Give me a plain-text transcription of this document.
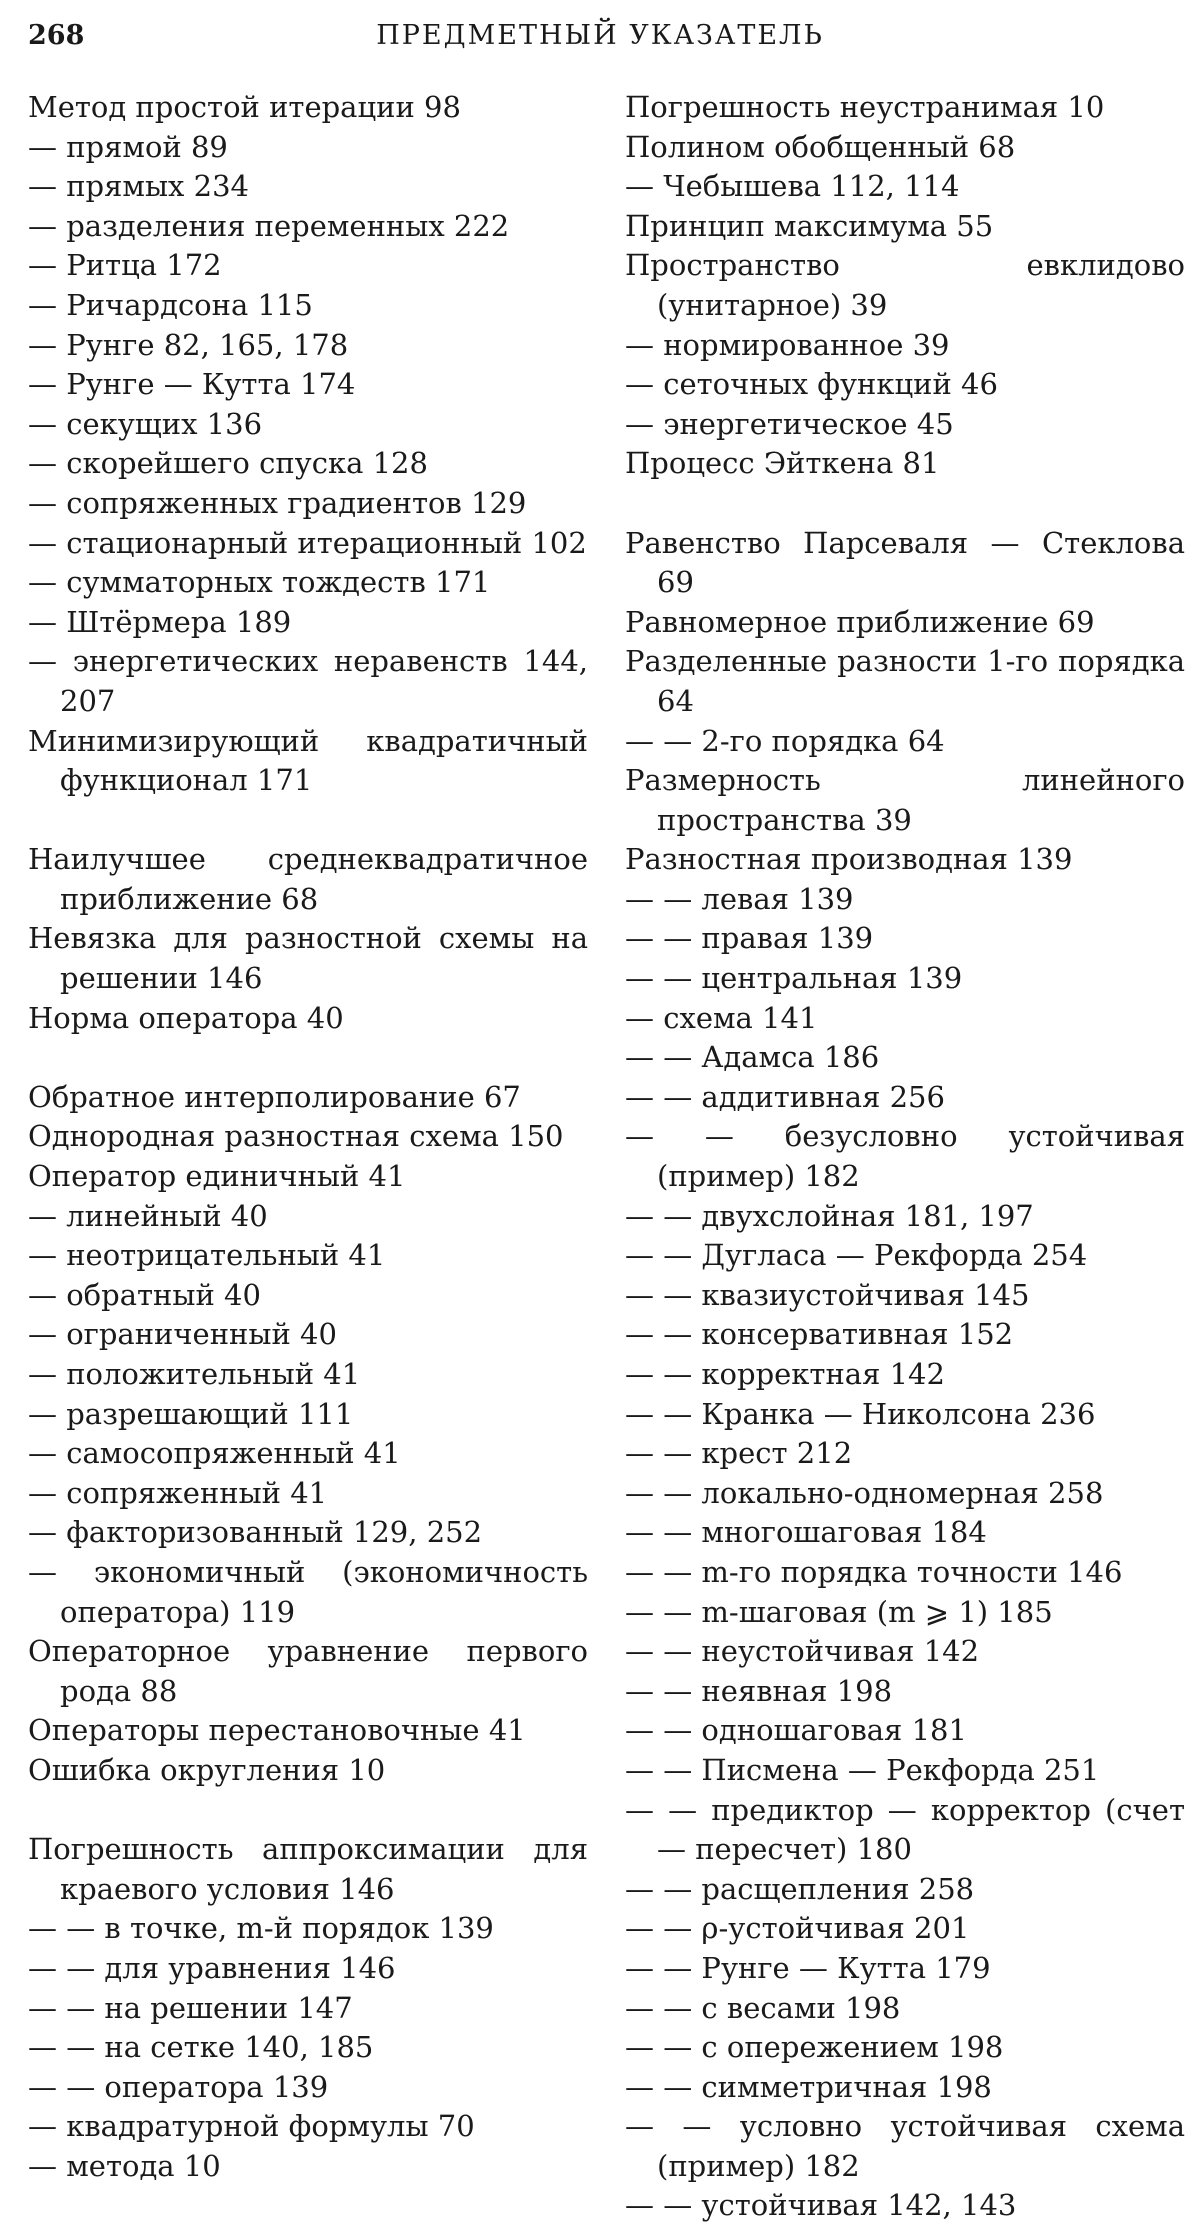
268	ПРЕДМЕТНЫЙ УКАЗАТЕЛЬ
Метод простой итерации 98
— прямой 89
— прямых 234
— разделения переменных 222
— Ритца 172
— Ричардсона 115
— Рунге 82, 165, 178
— Рунге — Кутта 174
— секущих 136
— скорейшего спуска 128
— сопряженных градиентов 129
— стационарный итерационный 102
— сумматорных тождеств 171
— Штёрмера 189
— энергетических неравенств 144, 207
Минимизирующий квадратичный функционал 171
Наилучшее среднеквадратичное приближение 68
Невязка для разностной схемы на решении 146
Норма оператора 40
Обратное интерполирование 67
Однородная разностная схема 150
Оператор единичный 41
— линейный 40
— неотрицательный 41
— обратный 40
— ограниченный 40
— положительный 41
— разрешающий 111
— самосопряженный 41
— сопряженный 41
— факторизованный 129, 252
— экономичный (экономичность оператора) 119
Операторное уравнение первого рода 88
Операторы перестановочные 41
Ошибка округления 10
Погрешность аппроксимации для краевого условия 146
— — в точке, m-й порядок 139
— — для уравнения 146
— — на решении 147
— — на сетке 140, 185
— — оператора 139
— квадратурной формулы 70
— метода 10
Погрешность неустранимая 10
Полином обобщенный 68
— Чебышева 112, 114
Принцип максимума 55
Пространство евклидово (унитарное) 39
— нормированное 39
— сеточных функций 46
— энергетическое 45
Процесс Эйткена 81
Равенство Парсеваля — Стеклова 69
Равномерное приближение 69
Разделенные разности 1-го порядка 64
— — 2-го порядка 64
Размерность линейного пространства 39
Разностная производная 139
— — левая 139
— — правая 139
— — центральная 139
— схема 141
— — Адамса 186
— — аддитивная 256
— — безусловно устойчивая (пример) 182
— — двухслойная 181, 197
— — Дугласа — Рекфорда 254
— — квазиустойчивая 145
— — консервативная 152
— — корректная 142
— — Кранка — Николсона 236
— — крест 212
— — локально-одномерная 258
— — многошаговая 184
— — m-го порядка точности 146
— — m-шаговая (m ⩾ 1) 185
— — неустойчивая 142
— — неявная 198
— — одношаговая 181
— — Писмена — Рекфорда 251
— — предиктор — корректор (счет — пересчет) 180
— — расщепления 258
— — ρ-устойчивая 201
— — Рунге — Кутта 179
— — с весами 198
— — с опережением 198
— — симметричная 198
— — условно устойчивая схема (пример) 182
— — устойчивая 142, 143
